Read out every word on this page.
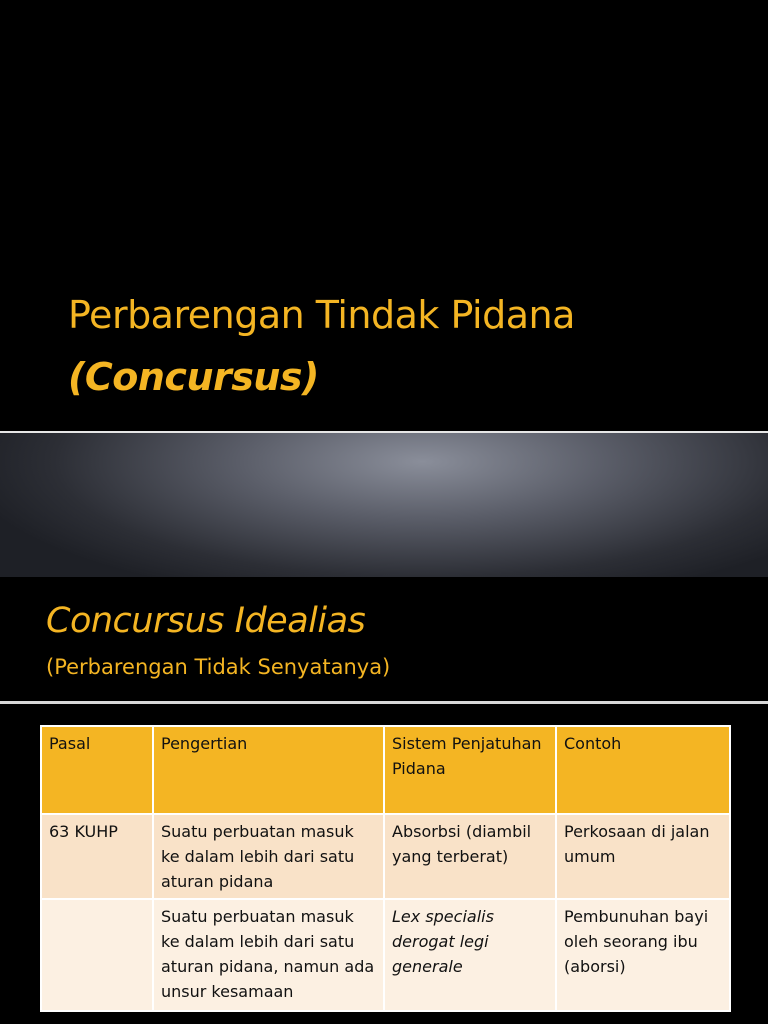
Perbarengan Tindak Pidana
(Concursus)
Concursus Idealias
(Perbarengan Tidak Senyatanya)
Pasal	Pengertian	Sistem Penjatuhan Pidana	Contoh
63 KUHP	Suatu perbuatan masuk ke dalam lebih dari satu aturan pidana	Absorbsi (diambil yang terberat)	Perkosaan di jalan umum
	Suatu perbuatan masuk ke dalam lebih dari satu aturan pidana, namun ada unsur kesamaan	Lex specialis derogat legi generale	Pembunuhan bayi oleh seorang ibu (aborsi)
